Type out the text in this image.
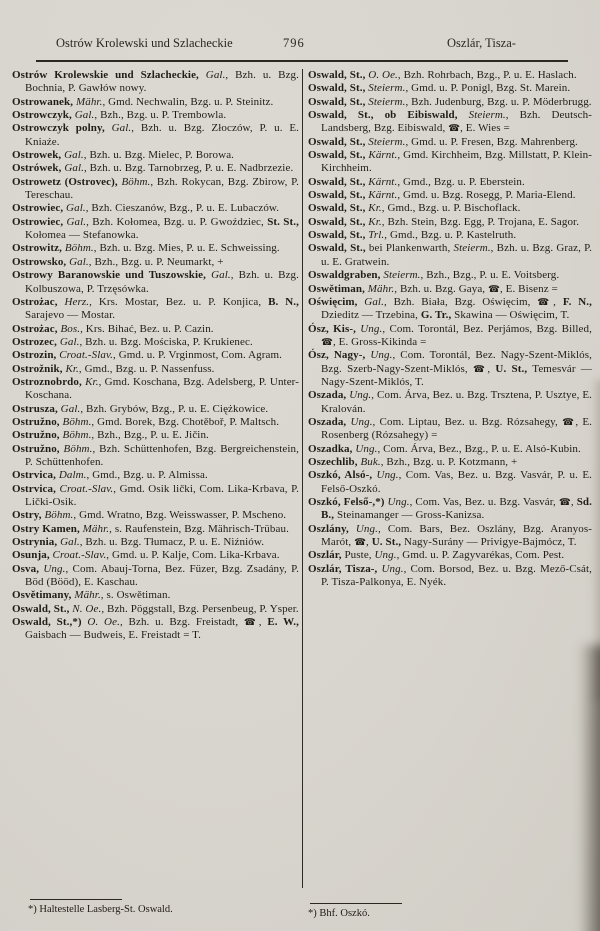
Ostrów Krolewski und Szlacheckie	796	Oszlár, Tisza-

Ostrów Krolewskie und Szlacheckie, Gal., Bzh. u. Bzg. Bochnia, P. Gawłów nowy.

Ostrowanek, Mähr., Gmd. Nechwalin, Bzg. u. P. Steinitz.

Ostrowczyk, Gal., Bzh., Bzg. u. P. Trembowla.

Ostrowczyk polny, Gal., Bzh. u. Bzg. Złoczów, P. u. E. Kniaźe.

Ostrowek, Gal., Bzh. u. Bzg. Mielec, P. Borowa.

Ostrówek, Gal., Bzh. u. Bzg. Tarnobrzeg, P. u. E. Nadbrzezie.

Ostrowetz (Ostrovec), Böhm., Bzh. Rokycan, Bzg. Zbirow, P. Tereschau.

Ostrowiec, Gal., Bzh. Cieszanów, Bzg., P. u. E. Lubaczów.

Ostrowiec, Gal., Bzh. Kołomea, Bzg. u. P. Gwoździec, St. St., Kołomea — Stefanowka.

Ostrowitz, Böhm., Bzh. u. Bzg. Mies, P. u. E. Schweissing.

Ostrowsko, Gal., Bzh., Bzg. u. P. Neumarkt, +

Ostrowy Baranowskie und Tuszowskie, Gal., Bzh. u. Bzg. Kolbuszowa, P. Trzęsówka.

Ostrożac, Herz., Krs. Mostar, Bez. u. P. Konjica, B. N., Sarajevo — Mostar.

Ostrożac, Bos., Krs. Bihać, Bez. u. P. Cazin.

Ostrozec, Gal., Bzh. u. Bzg. Mościska, P. Krukienec.

Ostrozin, Croat.-Slav., Gmd. u. P. Vrginmost, Com. Agram.

Ostrožnik, Kr., Gmd., Bzg. u. P. Nassenfuss.

Ostroznobrdo, Kr., Gmd. Koschana, Bzg. Adelsberg, P. Unter-Koschana.

Ostrusza, Gal., Bzh. Grybów, Bzg., P. u. E. Ciężkowice.

Ostružno, Böhm., Gmd. Borek, Bzg. Chotěboř, P. Maltsch.

Ostružno, Böhm., Bzh., Bzg., P. u. E. Jičin.

Ostružno, Böhm., Bzh. Schüttenhofen, Bzg. Bergreichenstein, P. Schüttenhofen.

Ostrvica, Dalm., Gmd., Bzg. u. P. Almissa.

Ostrvica, Croat.-Slav., Gmd. Osik lički, Com. Lika-Krbava, P. Lički-Osik.

Ostry, Böhm., Gmd. Wratno, Bzg. Weisswasser, P. Mscheno.

Ostry Kamen, Mähr., s. Raufenstein, Bzg. Mährisch-Trübau.

Ostrynia, Gal., Bzh. u. Bzg. Tłumacz, P. u. E. Niźniów.

Osunja, Croat.-Slav., Gmd. u. P. Kalje, Com. Lika-Krbava.

Osva, Ung., Com. Abauj-Torna, Bez. Füzer, Bzg. Zsadány, P. Böd (Bööd), E. Kaschau.

Osvětimany, Mähr., s. Oswětiman.

Oswald, St., N. Oe., Bzh. Pöggstall, Bzg. Persenbeug, P. Ysper.

Oswald, St.,*) O. Oe., Bzh. u. Bzg. Freistadt, ☎, E. W., Gaisbach — Budweis, E. Freistadt = T.

Oswald, St., O. Oe., Bzh. Rohrbach, Bzg., P. u. E. Haslach.

Oswald, St., Steierm., Gmd. u. P. Ponigl, Bzg. St. Marein.

Oswald, St., Steierm., Bzh. Judenburg, Bzg. u. P. Möderbrugg.

Oswald, St., ob Eibiswald, Steierm., Bzh. Deutsch-Landsberg, Bzg. Eibiswald, ☎, E. Wies =

Oswald, St., Steierm., Gmd. u. P. Fresen, Bzg. Mahrenberg.

Oswald, St., Kärnt., Gmd. Kirchheim, Bzg. Millstatt, P. Klein-Kirchheim.

Oswald, St., Kärnt., Gmd., Bzg. u. P. Eberstein.

Oswald, St., Kärnt., Gmd. u. Bzg. Rosegg, P. Maria-Elend.

Oswald, St., Kr., Gmd., Bzg. u. P. Bischoflack.

Oswald, St., Kr., Bzh. Stein, Bzg. Egg, P. Trojana, E. Sagor.

Oswald, St., Trl., Gmd., Bzg. u. P. Kastelruth.

Oswald, St., bei Plankenwarth, Steierm., Bzh. u. Bzg. Graz, P. u. E. Gratwein.

Oswaldgraben, Steierm., Bzh., Bzg., P. u. E. Voitsberg.

Oswětiman, Mähr., Bzh. u. Bzg. Gaya, ☎, E. Bisenz =

Oświęcim, Gal., Bzh. Biała, Bzg. Oświęcim, ☎, F. N., Dzieditz — Trzebina, G. Tr., Skawina — Oświęcim, T.

Ósz, Kis-, Ung., Com. Torontál, Bez. Perjámos, Bzg. Billed, ☎, E. Gross-Kikinda =

Ósz, Nagy-, Ung., Com. Torontál, Bez. Nagy-Szent-Miklós, Bzg. Szerb-Nagy-Szent-Miklós, ☎, U. St., Temesvár — Nagy-Szent-Miklós, T.

Oszada, Ung., Com. Árva, Bez. u. Bzg. Trsztena, P. Usztye, E. Kralován.

Oszada, Ung., Com. Liptau, Bez. u. Bzg. Rózsahegy, ☎, E. Rosenberg (Rózsahegy) =

Oszadka, Ung., Com. Árva, Bez., Bzg., P. u. E. Alsó-Kubin.

Oszechlib, Buk., Bzh., Bzg. u. P. Kotzmann, +

Oszkó, Alsó-, Ung., Com. Vas, Bez. u. Bzg. Vasvár, P. u. E. Felső-Oszkó.

Oszkó, Felső-,*) Ung., Com. Vas, Bez. u. Bzg. Vasvár, ☎, Sd. B., Steinamanger — Gross-Kanizsa.

Oszlány, Ung., Com. Bars, Bez. Oszlány, Bzg. Aranyos-Marót, ☎, U. St., Nagy-Surány — Privigye-Bajmócz, T.

Oszlár, Puste, Ung., Gmd. u. P. Zagyvarékas, Com. Pest.

Oszlár, Tisza-, Ung., Com. Borsod, Bez. u. Bzg. Mező-Csát, P. Tisza-Palkonya, E. Nyék.

*) Haltestelle Lasberg-St. Oswald.	*) Bhf. Oszkó.
